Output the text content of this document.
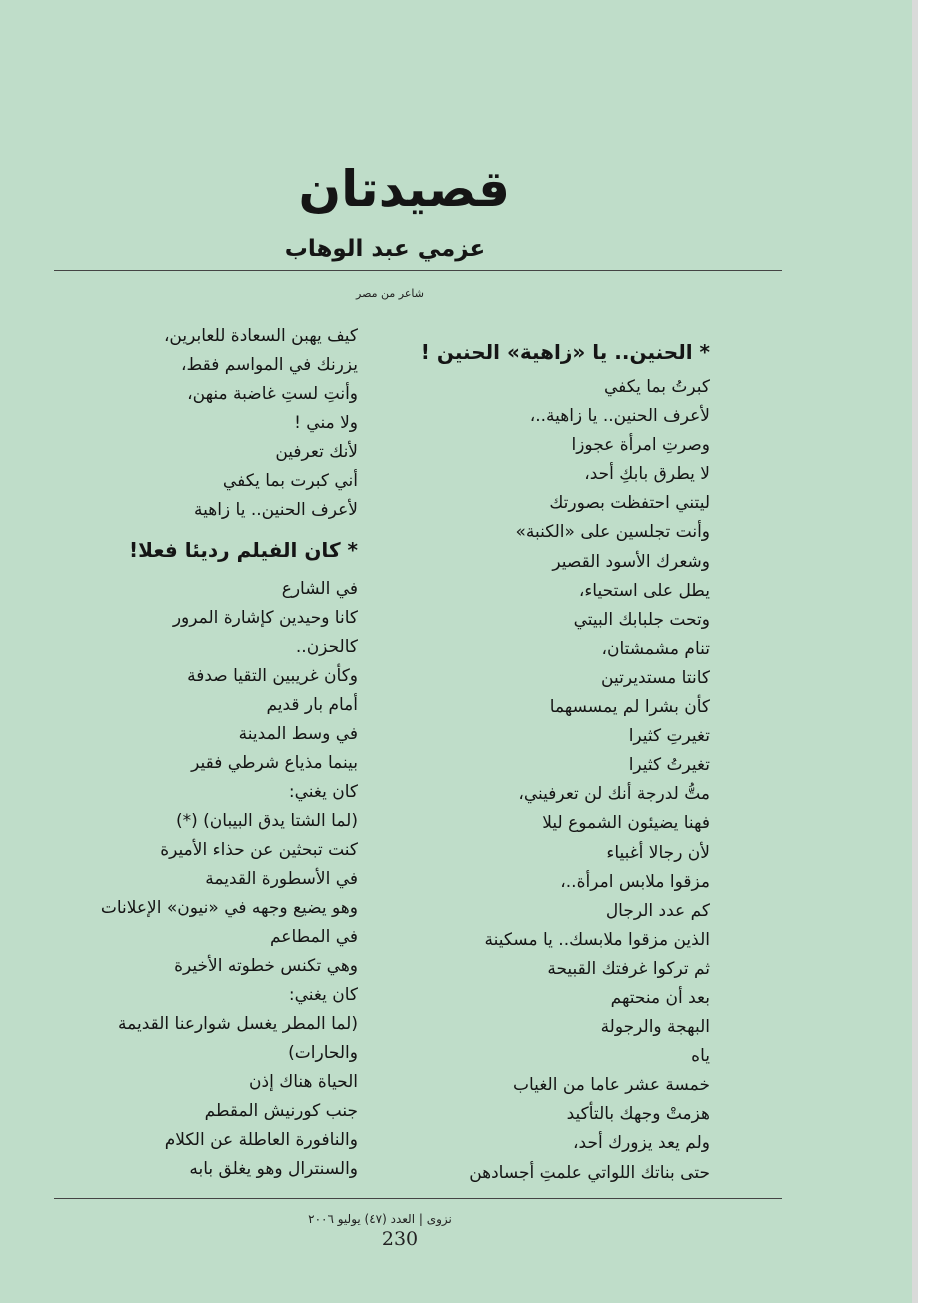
قصيدتان
عزمي عبد الوهاب
شاعر من مصر
* الحنين.. يا «زاهية» الحنين !
كبرتُ بما يكفي
لأعرف الحنين.. يا زاهية..،
وصرتِ امرأة عجوزا
لا يطرق بابكِ أحد،
ليتني احتفظت بصورتك
وأنت تجلسين على «الكنبة»
وشعرك الأسود القصير
يطل على استحياء،
وتحت جلبابك البيتي
تنام مشمشتان،
كانتا مستديرتين
كأن بشرا لم يمسسهما
تغيرتِ كثيرا
تغيرتُ كثيرا
متُّ لدرجة أنك لن تعرفيني،
فهنا يضيئون الشموع ليلا
لأن رجالا أغبياء
مزقوا ملابس امرأة..،
كم عدد الرجال
الذين مزقوا ملابسك.. يا مسكينة
ثم تركوا غرفتك القبيحة
بعد أن منحتهم
البهجة والرجولة
ياه
خمسة عشر عاما من الغياب
هزمتْ وجهك بالتأكيد
ولم يعد يزورك أحد،
حتى بناتك اللواتي علمتِ أجسادهن
كيف يهبن السعادة للعابرين،
يزرنك في المواسم فقط،
وأنتِ لستِ غاضبة منهن،
ولا مني !
لأنك تعرفين
أني كبرت بما يكفي
لأعرف الحنين.. يا زاهية
* كان الفيلم رديئا فعلا!
في الشارع
كانا وحيدين كإشارة المرور
كالحزن..
وكأن غريبين التقيا صدفة
أمام بار قديم
في وسط المدينة
بينما مذياع شرطي فقير
كان يغني:
(لما الشتا يدق البيبان) (*)
كنت تبحثين عن حذاء الأميرة
في الأسطورة القديمة
وهو يضيع وجهه في «نيون» الإعلانات
في المطاعم
وهي تكنس خطوته الأخيرة
كان يغني:
(لما المطر يغسل شوارعنا القديمة
والحارات)
الحياة هناك إذن
جنب كورنيش المقطم
والنافورة العاطلة عن الكلام
والسنترال وهو يغلق بابه
نزوى | العدد (٤٧) يوليو ٢٠٠٦
230
